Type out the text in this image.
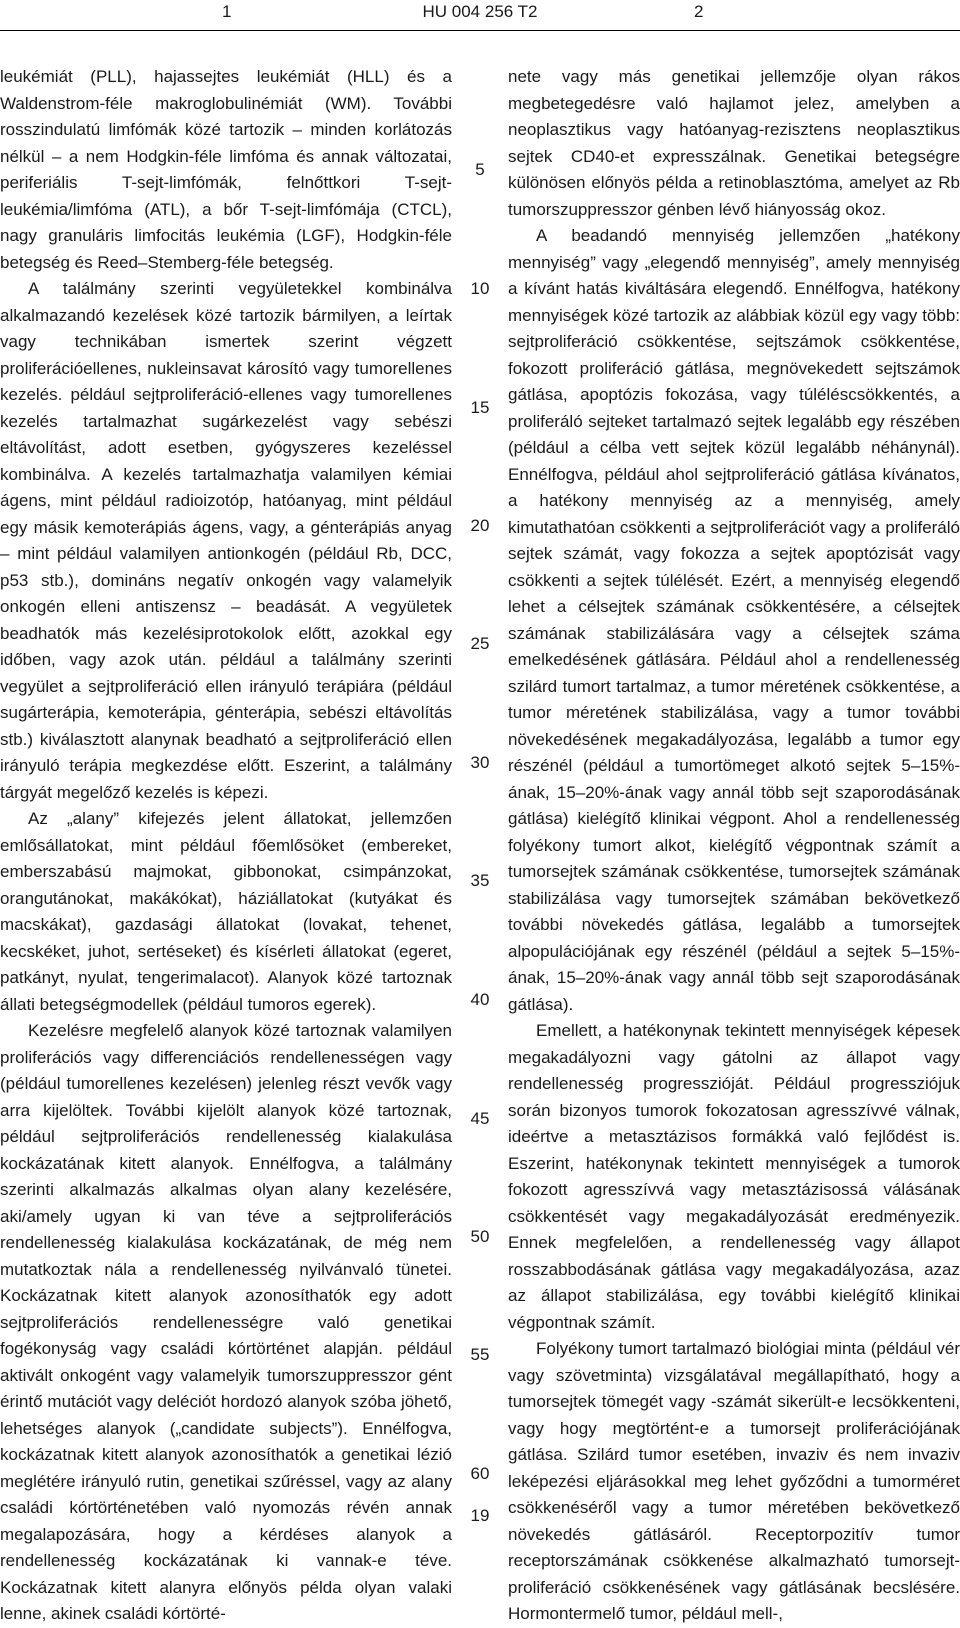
1	HU 004 256 T2	2

leukémiát (PLL), hajassejtes leukémiát (HLL) és a Waldenstrom-féle makroglobulinémiát (WM). További rosszindulatú limfómák közé tartozik – minden korlátozás nélkül – a nem Hodgkin-féle limfóma és annak változatai, periferiális T-sejt-limfómák, felnőttkori T-sejt-leukémia/limfóma (ATL), a bőr T-sejt-limfómája (CTCL), nagy granuláris limfocitás leukémia (LGF), Hodgkin-féle betegség és Reed–Stemberg-féle betegség.

A találmány szerinti vegyületekkel kombinálva alkalmazandó kezelések közé tartozik bármilyen, a leírtak vagy technikában ismertek szerint végzett proliferációellenes, nukleinsavat károsító vagy tumorellenes kezelés. például sejtproliferáció-ellenes vagy tumorellenes kezelés tartalmazhat sugárkezelést vagy sebészi eltávolítást, adott esetben, gyógyszeres kezeléssel kombinálva. A kezelés tartalmazhatja valamilyen kémiai ágens, mint például radioizotóp, hatóanyag, mint például egy másik kemoterápiás ágens, vagy, a génterápiás anyag – mint például valamilyen antionkogén (például Rb, DCC, p53 stb.), domináns negatív onkogén vagy valamelyik onkogén elleni antiszensz – beadását. A vegyületek beadhatók más kezelésiprotokolok előtt, azokkal egy időben, vagy azok után. például a találmány szerinti vegyület a sejtproliferáció ellen irányuló terápiára (például sugárterápia, kemoterápia, génterápia, sebészi eltávolítás stb.) kiválasztott alanynak beadható a sejtproliferáció ellen irányuló terápia megkezdése előtt. Eszerint, a találmány tárgyát megelőző kezelés is képezi.

Az „alany” kifejezés jelent állatokat, jellemzően emlősállatokat, mint például főemlősöket (embereket, emberszabású majmokat, gibbonokat, csimpánzokat, orangutánokat, makákókat), háziállatokat (kutyákat és macskákat), gazdasági állatokat (lovakat, tehenet, kecskéket, juhot, sertéseket) és kísérleti állatokat (egeret, patkányt, nyulat, tengerimalacot). Alanyok közé tartoznak állati betegségmodellek (például tumoros egerek).

Kezelésre megfelelő alanyok közé tartoznak valamilyen proliferációs vagy differenciációs rendellenességen vagy (például tumorellenes kezelésen) jelenleg részt vevők vagy arra kijelöltek. További kijelölt alanyok közé tartoznak, például sejtproliferációs rendellenesség kialakulása kockázatának kitett alanyok. Ennélfogva, a találmány szerinti alkalmazás alkalmas olyan alany kezelésére, aki/amely ugyan ki van téve a sejtproliferációs rendellenesség kialakulása kockázatának, de még nem mutatkoztak nála a rendellenesség nyilvánvaló tünetei. Kockázatnak kitett alanyok azonosíthatók egy adott sejtproliferációs rendellenességre való genetikai fogékonyság vagy családi kórtörténet alapján. például aktivált onkogént vagy valamelyik tumorszuppresszor gént érintő mutációt vagy deléciót hordozó alanyok szóba jöhető, lehetséges alanyok („candidate subjects”). Ennélfogva, kockázatnak kitett alanyok azonosíthatók a genetikai lézió meglétére irányuló rutin, genetikai szűréssel, vagy az alany családi kórtörténetében való nyomozás révén annak megalapozására, hogy a kérdéses alanyok a rendellenesség kockázatának ki vannak-e téve. Kockázatnak kitett alanyra előnyös példa olyan valaki lenne, akinek családi kórtörté-

5
10
15
20
25
30
35
40
45
50
55
60

nete vagy más genetikai jellemzője olyan rákos megbetegedésre való hajlamot jelez, amelyben a neoplasztikus vagy hatóanyag-rezisztens neoplasztikus sejtek CD40-et expresszálnak. Genetikai betegségre különösen előnyös példa a retinoblasztóma, amelyet az Rb tumorszuppresszor génben lévő hiányosság okoz.

A beadandó mennyiség jellemzően „hatékony mennyiség” vagy „elegendő mennyiség”, amely mennyiség a kívánt hatás kiváltására elegendő. Ennélfogva, hatékony mennyiségek közé tartozik az alábbiak közül egy vagy több: sejtproliferáció csökkentése, sejtszámok csökkentése, fokozott proliferáció gátlása, megnövekedett sejtszámok gátlása, apoptózis fokozása, vagy túléléscsökkentés, a proliferáló sejteket tartalmazó sejtek legalább egy részében (például a célba vett sejtek közül legalább néhánynál). Ennélfogva, például ahol sejtproliferáció gátlása kívánatos, a hatékony mennyiség az a mennyiség, amely kimutathatóan csökkenti a sejtproliferációt vagy a proliferáló sejtek számát, vagy fokozza a sejtek apoptózisát vagy csökkenti a sejtek túlélését. Ezért, a mennyiség elegendő lehet a célsejtek számának csökkentésére, a célsejtek számának stabilizálására vagy a célsejtek száma emelkedésének gátlására. Például ahol a rendellenesség szilárd tumort tartalmaz, a tumor méretének csökkentése, a tumor méretének stabilizálása, vagy a tumor további növekedésének megakadályozása, legalább a tumor egy részénél (például a tumortömeget alkotó sejtek 5–15%-ának, 15–20%-ának vagy annál több sejt szaporodásának gátlása) kielégítő klinikai végpont. Ahol a rendellenesség folyékony tumort alkot, kielégítő végpontnak számít a tumorsejtek számának csökkentése, tumorsejtek számának stabilizálása vagy tumorsejtek számában bekövetkező további növekedés gátlása, legalább a tumorsejtek alpopulációjának egy részénél (például a sejtek 5–15%-ának, 15–20%-ának vagy annál több sejt szaporodásának gátlása).

Emellett, a hatékonynak tekintett mennyiségek képesek megakadályozni vagy gátolni az állapot vagy rendellenesség progresszióját. Például progressziójuk során bizonyos tumorok fokozatosan agresszívvé válnak, ideértve a metasztázisos formákká való fejlődést is. Eszerint, hatékonynak tekintett mennyiségek a tumorok fokozott agresszívvá vagy metasztázisossá válásának csökkentését vagy megakadályozását eredményezik. Ennek megfelelően, a rendellenesség vagy állapot rosszabbodásának gátlása vagy megakadályozása, azaz az állapot stabilizálása, egy további kielégítő klinikai végpontnak számít.

Folyékony tumort tartalmazó biológiai minta (például vér vagy szövetminta) vizsgálatával megállapítható, hogy a tumorsejtek tömegét vagy -számát sikerült-e lecsökkenteni, vagy hogy megtörtént-e a tumorsejt proliferációjának gátlása. Szilárd tumor esetében, invaziv és nem invaziv leképezési eljárásokkal meg lehet győződni a tumorméret csökkenéséről vagy a tumor méretében bekövetkező növekedés gátlásáról. Receptorpozitív tumor receptorszámának csökkenése alkalmazható tumorsejt-proliferáció csökkenésének vagy gátlásának becslésére. Hormontermelő tumor, például mell-,

19
